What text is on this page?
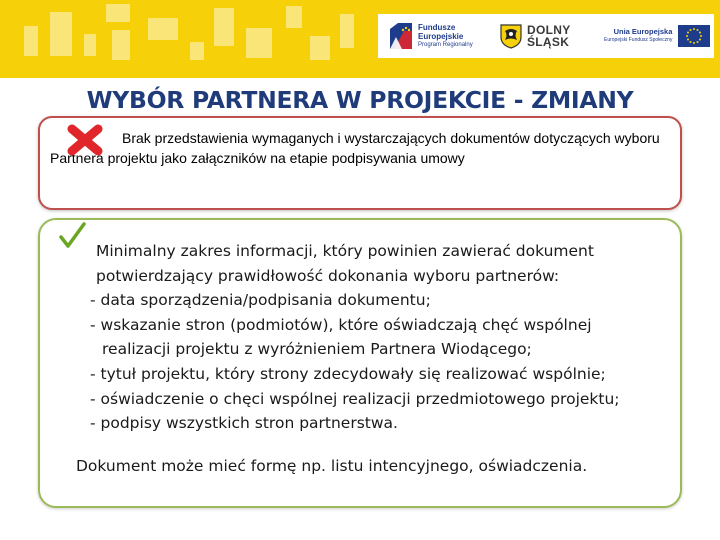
Fundusze
Europejskie
Program Regionalny
DOLNY
ŚLĄSK
Unia Europejska
Europejski Fundusz Społeczny
WYBÓR PARTNERA W PROJEKCIE - ZMIANY
Brak przedstawienia wymaganych i wystarczających dokumentów dotyczących wyboru Partnera projektu jako załączników na etapie podpisywania umowy
Minimalny zakres informacji, który powinien zawierać dokument
potwierdzający prawidłowość dokonania wyboru partnerów:
- data sporządzenia/podpisania dokumentu;
- wskazanie stron (podmiotów), które oświadczają chęć wspólnej
realizacji projektu z wyróżnieniem Partnera Wiodącego;
- tytuł projektu, który strony zdecydowały się realizować wspólnie;
- oświadczenie o chęci wspólnej realizacji przedmiotowego projektu;
- podpisy wszystkich stron partnerstwa.
Dokument może mieć formę np. listu intencyjnego, oświadczenia.
